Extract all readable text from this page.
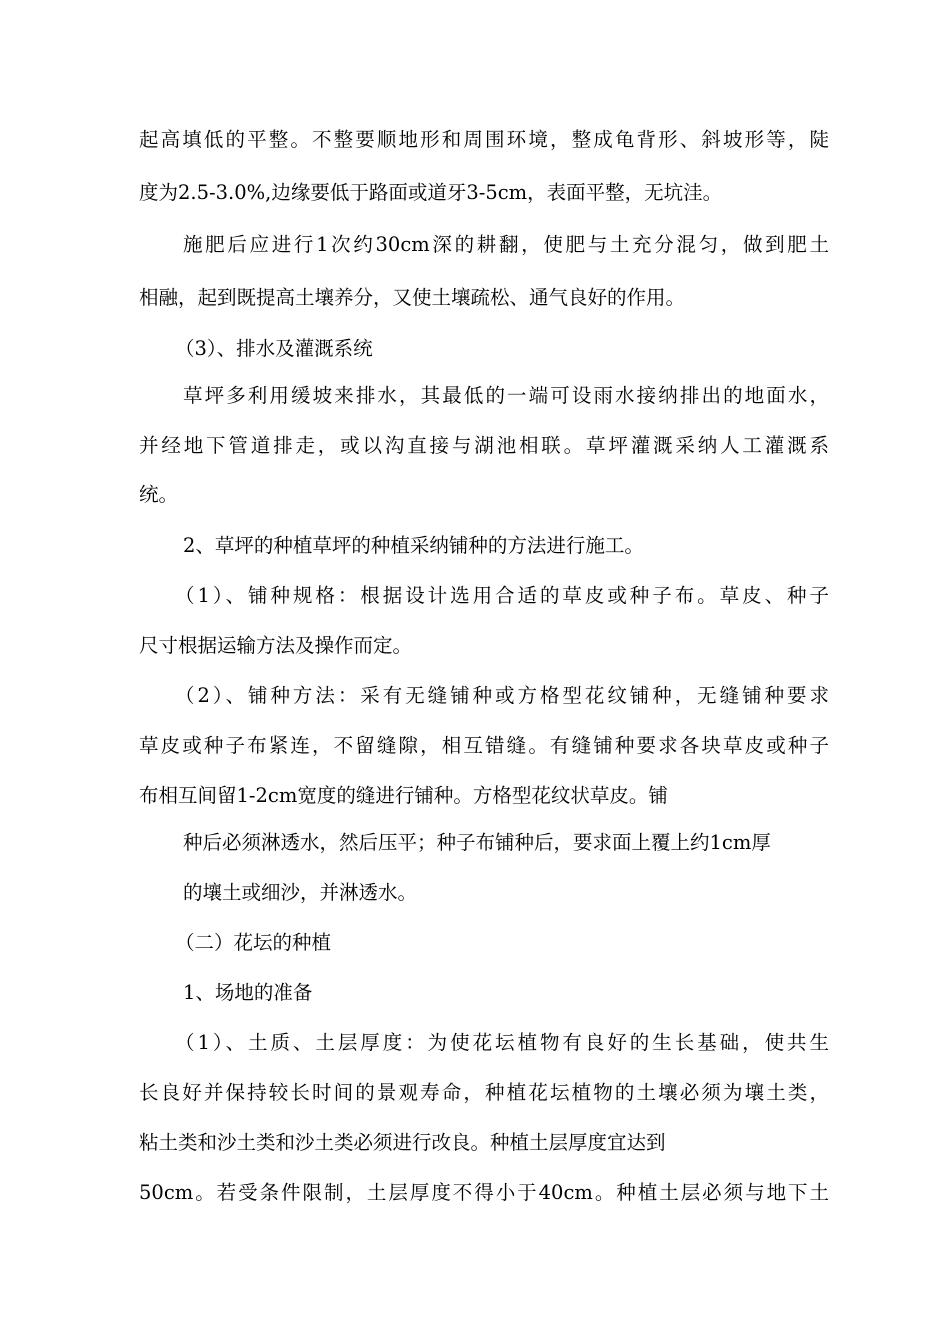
起高填低的平整。不整要顺地形和周围环境，整成龟背形、斜坡形等，陡
度为2.5-3.0%,边缘要低于路面或道牙3-5cm，表面平整，无坑洼。
施肥后应进行1次约30cm深的耕翻，使肥与土充分混匀，做到肥土
相融，起到既提高土壤养分，又使土壤疏松、通气良好的作用。
（3）、排水及灌溉系统
草坪多利用缓坡来排水，其最低的一端可设雨水接纳排出的地面水，
并经地下管道排走，或以沟直接与湖池相联。草坪灌溉采纳人工灌溉系
统。
2、草坪的种植草坪的种植采纳铺种的方法进行施工。
（1）、铺种规格：根据设计选用合适的草皮或种子布。草皮、种子
尺寸根据运输方法及操作而定。
（2）、铺种方法：采有无缝铺种或方格型花纹铺种，无缝铺种要求
草皮或种子布紧连，不留缝隙，相互错缝。有缝铺种要求各块草皮或种子
布相互间留1-2cm宽度的缝进行铺种。方格型花纹状草皮。铺
种后必须淋透水，然后压平；种子布铺种后，要求面上覆上约1cm厚
的壤土或细沙，并淋透水。
（二）花坛的种植
1、场地的准备
（1）、土质、土层厚度：为使花坛植物有良好的生长基础，使共生
长良好并保持较长时间的景观寿命，种植花坛植物的土壤必须为壤土类，
粘土类和沙土类和沙土类必须进行改良。种植土层厚度宜达到
50cm。若受条件限制，土层厚度不得小于40cm。种植土层必须与地下土
